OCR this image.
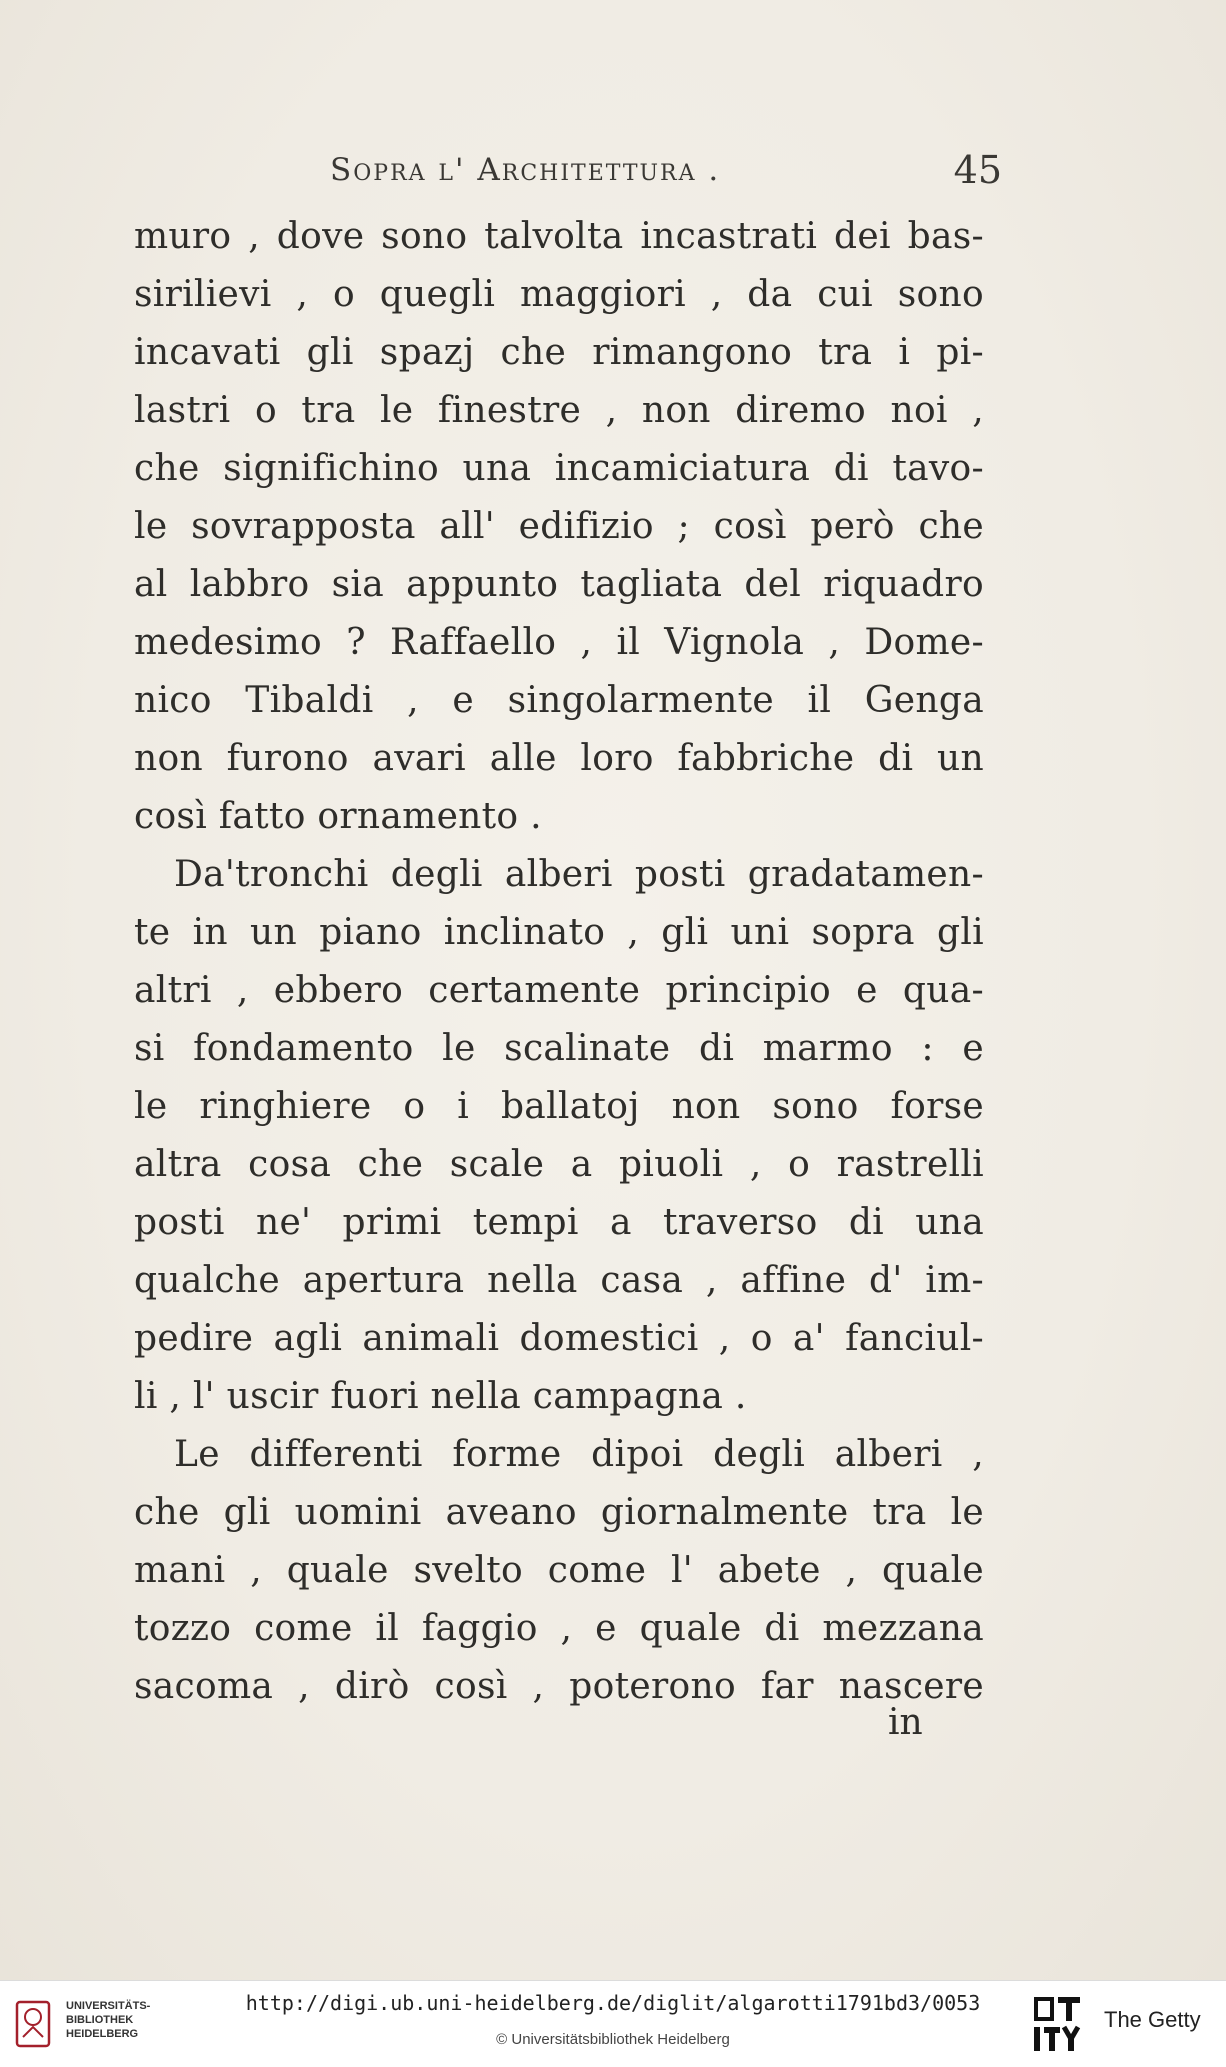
Sopra l' Architettura .	45
muro , dove sono talvolta incastrati dei bas-
sirilievi , o quegli maggiori , da cui sono
incavati gli spazj che rimangono tra i pi-
lastri o tra le finestre , non diremo noi ,
che significhino una incamiciatura di tavo-
le sovrapposta all' edifizio ; così però che
al labbro sia appunto tagliata del riquadro
medesimo ? Raffaello , il Vignola , Dome-
nico Tibaldi , e singolarmente il Genga
non furono avari alle loro fabbriche di un
così fatto ornamento .
Da'tronchi degli alberi posti gradatamen-
te in un piano inclinato , gli uni sopra gli
altri , ebbero certamente principio e qua-
si fondamento le scalinate di marmo : e
le ringhiere o i ballatoj non sono forse
altra cosa che scale a piuoli , o rastrelli
posti ne' primi tempi a traverso di una
qualche apertura nella casa , affine d' im-
pedire agli animali domestici , o a' fanciul-
li , l' uscir fuori nella campagna .
Le differenti forme dipoi degli alberi ,
che gli uomini aveano giornalmente tra le
mani , quale svelto come l' abete , quale
tozzo come il faggio , e quale di mezzana
sacoma , dirò così , poterono far nascere
in
UNIVERSITÄTS-
BIBLIOTHEK
HEIDELBERG
http://digi.ub.uni-heidelberg.de/diglit/algarotti1791bd3/0053
© Universitätsbibliothek Heidelberg
The Getty
